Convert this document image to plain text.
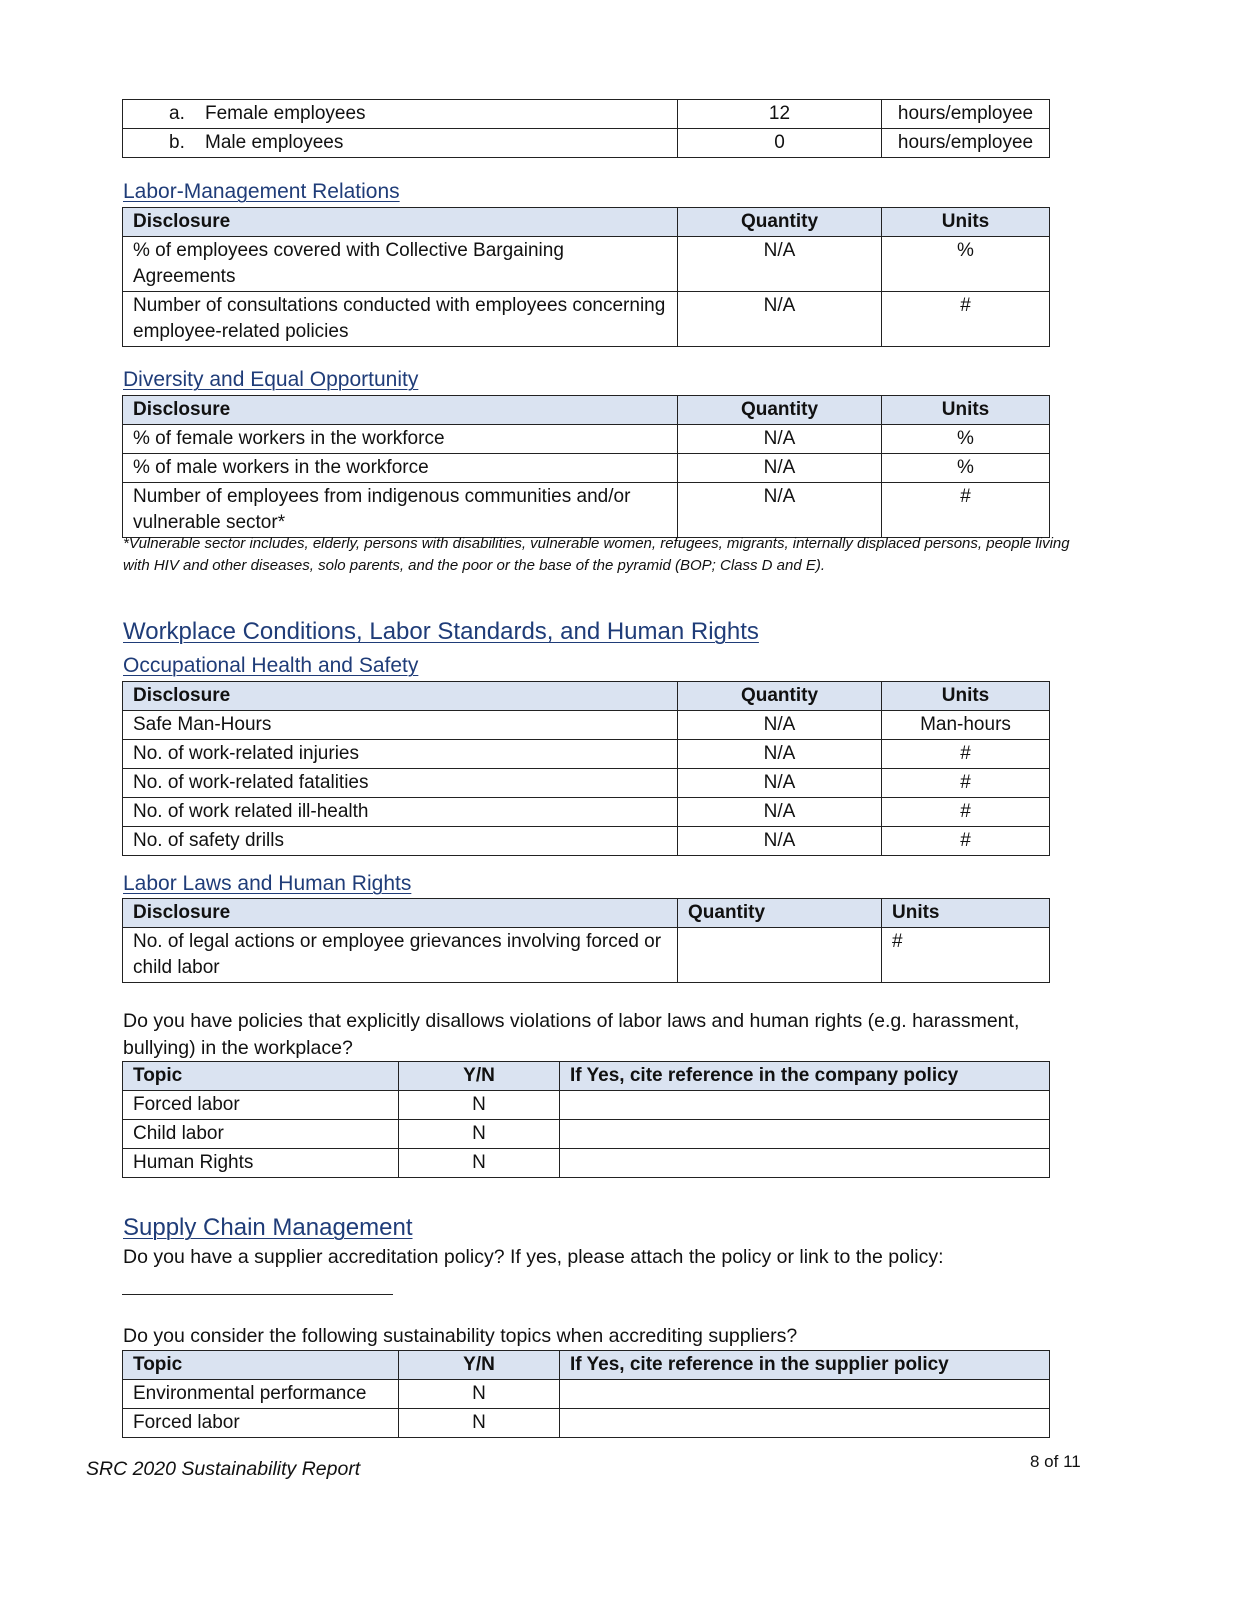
a. Female employees	12	hours/employee
b. Male employees	0	hours/employee
Labor-Management Relations
Disclosure	Quantity	Units
% of employees covered with Collective Bargaining Agreements	N/A	%
Number of consultations conducted with employees concerning employee-related policies	N/A	#
Diversity and Equal Opportunity
Disclosure	Quantity	Units
% of female workers in the workforce	N/A	%
% of male workers in the workforce	N/A	%
Number of employees from indigenous communities and/or vulnerable sector*	N/A	#
*Vulnerable sector includes, elderly, persons with disabilities, vulnerable women, refugees, migrants, internally displaced persons, people living with HIV and other diseases, solo parents, and the poor or the base of the pyramid (BOP; Class D and E).
Workplace Conditions, Labor Standards, and Human Rights
Occupational Health and Safety
Disclosure	Quantity	Units
Safe Man-Hours	N/A	Man-hours
No. of work-related injuries	N/A	#
No. of work-related fatalities	N/A	#
No. of work related ill-health	N/A	#
No. of safety drills	N/A	#
Labor Laws and Human Rights
Disclosure	Quantity	Units
No. of legal actions or employee grievances involving forced or child labor		#
Do you have policies that explicitly disallows violations of labor laws and human rights (e.g. harassment, bullying) in the workplace?
Topic	Y/N	If Yes, cite reference in the company policy
Forced labor	N	
Child labor	N	
Human Rights	N	
Supply Chain Management
Do you have a supplier accreditation policy? If yes, please attach the policy or link to the policy:
Do you consider the following sustainability topics when accrediting suppliers?
Topic	Y/N	If Yes, cite reference in the supplier policy
Environmental performance	N	
Forced labor	N	
SRC 2020 Sustainability Report	8 of 11
